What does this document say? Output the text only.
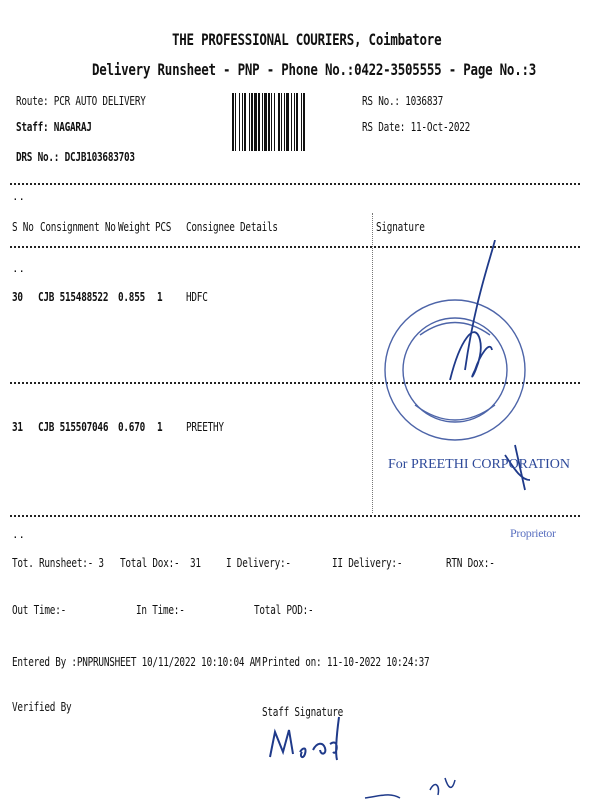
THE PROFESSIONAL COURIERS, Coimbatore
Delivery Runsheet - PNP - Phone No.:0422-3505555 - Page No.:3
Route: PCR AUTO DELIVERY
Staff: NAGARAJ
DRS No.: DCJB103683703
RS No.: 1036837
RS Date: 11-Oct-2022
..
S No Consignment No Weight PCS Consignee Details	Signature
..
30 CJB 515488522 0.855 1 HDFC
31 CJB 515507046 0.670 1 PREETHY
For PREETHI CORPORATION
Proprietor
..
Tot. Runsheet:- 3 Total Dox:- 31 I Delivery:-	II Delivery:-	RTN Dox:-
Out Time:-	In Time:-	Total POD:-
Entered By :PNPRUNSHEET 10/11/2022 10:10:04 AM Printed on: 11-10-2022 10:24:37
Verified By	Staff Signature
